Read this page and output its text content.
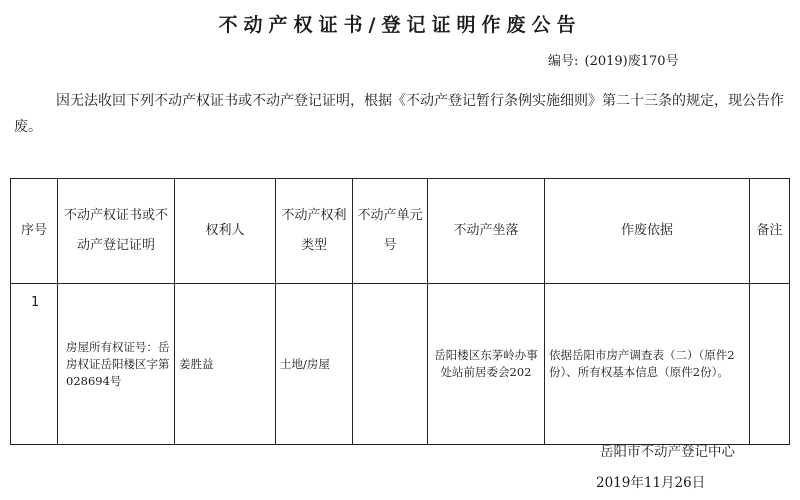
不动产权证书/登记证明作废公告
编号: (2019)废170号
因无法收回下列不动产权证书或不动产登记证明，根据《不动产登记暂行条例实施细则》第二十三条的规定，现公告作废。
序号	不动产权证书或不动产登记证明	权利人	不动产权利类型	不动产单元号	不动产坐落	作废依据	备注
1	房屋所有权证号：岳房权证岳阳楼区字第028694号	姜胜益	土地/房屋		岳阳楼区东茅岭办事处站前居委会202	依据岳阳市房产调查表（二）（原件2份）、所有权基本信息（原件2份）。	
岳阳市不动产登记中心
2019年11月26日
